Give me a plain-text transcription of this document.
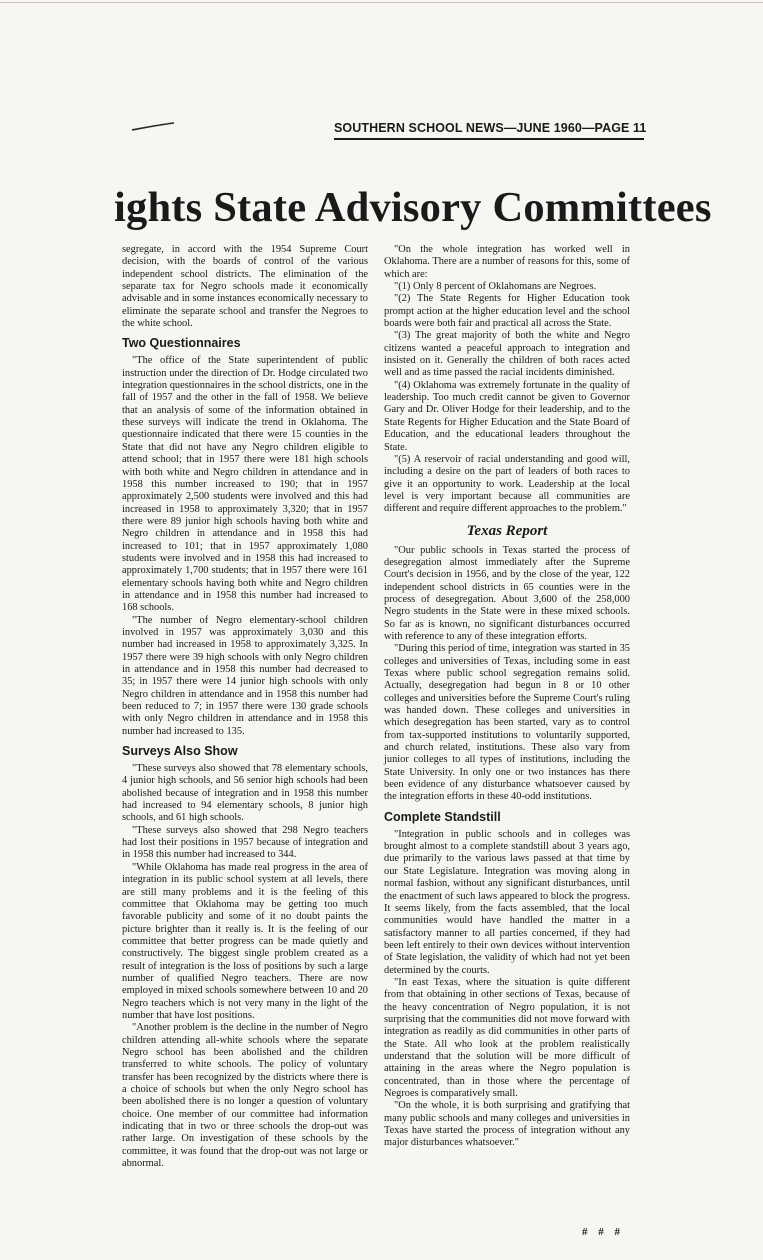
SOUTHERN SCHOOL NEWS—JUNE 1960—PAGE 11
ights State Advisory Committees

segregate, in accord with the 1954 Supreme Court decision, with the boards of control of the various independent school districts. The elimination of the separate tax for Negro schools made it economically advisable and in some instances economically necessary to eliminate the separate school and transfer the Negroes to the white school.

Two Questionnaires

"The office of the State superintendent of public instruction under the direction of Dr. Hodge circulated two integration questionnaires in the school districts, one in the fall of 1957 and the other in the fall of 1958. We believe that an analysis of some of the information obtained in these surveys will indicate the trend in Oklahoma. The questionnaire indicated that there were 15 counties in the State that did not have any Negro children eligible to attend school; that in 1957 there were 181 high schools with both white and Negro children in attendance and in 1958 this number increased to 190; that in 1957 approximately 2,500 students were involved and this had increased in 1958 to approximately 3,320; that in 1957 there were 89 junior high schools having both white and Negro children in attendance and in 1958 this had increased to 101; that in 1957 approximately 1,080 students were involved and in 1958 this had increased to approximately 1,700 students; that in 1957 there were 161 elementary schools having both white and Negro children in attendance and in 1958 this number had increased to 168 schools.

"The number of Negro elementary-school children involved in 1957 was approximately 3,030 and this number had increased in 1958 to approximately 3,325. In 1957 there were 39 high schools with only Negro children in attendance and in 1958 this number had decreased to 35; in 1957 there were 14 junior high schools with only Negro children in attendance and in 1958 this number had been reduced to 7; in 1957 there were 130 grade schools with only Negro children in attendance and in 1958 this number had increased to 135.

Surveys Also Show

"These surveys also showed that 78 elementary schools, 4 junior high schools, and 56 senior high schools had been abolished because of integration and in 1958 this number had increased to 94 elementary schools, 8 junior high schools, and 61 high schools.

"These surveys also showed that 298 Negro teachers had lost their positions in 1957 because of integration and in 1958 this number had increased to 344.

"While Oklahoma has made real progress in the area of integration in its public school system at all levels, there are still many problems and it is the feeling of this committee that Oklahoma may be getting too much favorable publicity and some of it no doubt paints the picture brighter than it really is. It is the feeling of our committee that better progress can be made quietly and constructively. The biggest single problem created as a result of integration is the loss of positions by such a large number of qualified Negro teachers. There are now employed in mixed schools somewhere between 10 and 20 Negro teachers which is not very many in the light of the number that have lost positions.

"Another problem is the decline in the number of Negro children attending all-white schools where the separate Negro school has been abolished and the children transferred to white schools. The policy of voluntary transfer has been recognized by the districts where there is a choice of schools but when the only Negro school has been abolished there is no longer a question of voluntary choice. One member of our committee had information indicating that in two or three schools the drop-out was rather large. On investigation of these schools by the committee, it was found that the drop-out was not large or abnormal.

"On the whole integration has worked well in Oklahoma. There are a number of reasons for this, some of which are:

"(1) Only 8 percent of Oklahomans are Negroes.

"(2) The State Regents for Higher Education took prompt action at the higher education level and the school boards were both fair and practical all across the State.

"(3) The great majority of both the white and Negro citizens wanted a peaceful approach to integration and insisted on it. Generally the children of both races acted well and as time passed the racial incidents diminished.

"(4) Oklahoma was extremely fortunate in the quality of leadership. Too much credit cannot be given to Governor Gary and Dr. Oliver Hodge for their leadership, and to the State Regents for Higher Education and the State Board of Education, and the educational leaders throughout the State.

"(5) A reservoir of racial understanding and good will, including a desire on the part of leaders of both races to give it an opportunity to work. Leadership at the local level is very important because all communities are different and require different approaches to the problem."

Texas Report

"Our public schools in Texas started the process of desegregation almost immediately after the Supreme Court's decision in 1956, and by the close of the year, 122 independent school districts in 65 counties were in the process of desegregation. About 3,600 of the 258,000 Negro students in the State were in these mixed schools. So far as is known, no significant disturbances occurred with reference to any of these integration efforts.

"During this period of time, integration was started in 35 colleges and universities of Texas, including some in east Texas where public school segregation remains solid. Actually, desegregation had begun in 8 or 10 other colleges and universities before the Supreme Court's ruling was handed down. These colleges and universities in which desegregation has been started, vary as to control from tax-supported institutions to voluntarily supported, and church related, institutions. These also vary from junior colleges to all types of institutions, including the State University. In only one or two instances has there been evidence of any disturbance whatsoever caused by the integration efforts in these 40-odd institutions.

Complete Standstill

"Integration in public schools and in colleges was brought almost to a complete standstill about 3 years ago, due primarily to the various laws passed at that time by our State Legislature. Integration was moving along in normal fashion, without any significant disturbances, until the enactment of such laws appeared to block the progress. It seems likely, from the facts assembled, that the local communities would have handled the matter in a satisfactory manner to all parties concerned, if they had been left entirely to their own devices without intervention of State legislation, the validity of which had not yet been determined by the courts.

"In east Texas, where the situation is quite different from that obtaining in other sections of Texas, because of the heavy concentration of Negro population, it is not surprising that the communities did not move forward with integration as readily as did communities in other parts of the State. All who look at the problem realistically understand that the solution will be more difficult of attaining in the areas where the Negro population is concentrated, than in those where the percentage of Negroes is comparatively small.

"On the whole, it is both surprising and gratifying that many public schools and many colleges and universities in Texas have started the process of integration without any major disturbances whatsoever."

# # #
